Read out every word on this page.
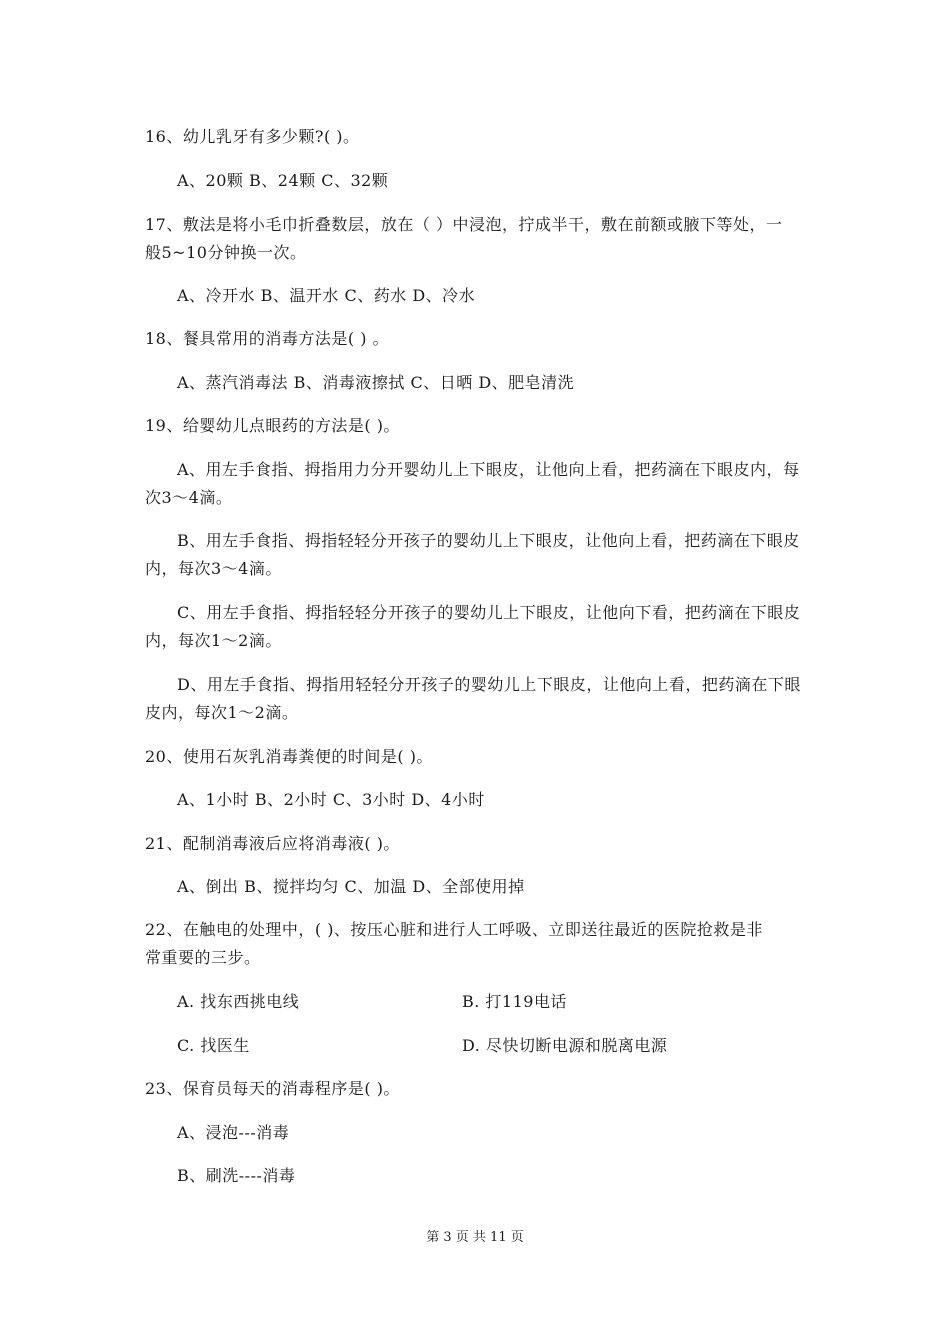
16、幼儿乳牙有多少颗?( )。
A、20颗 B、24颗 C、32颗
17、敷法是将小毛巾折叠数层，放在（ ）中浸泡，拧成半干，敷在前额或腋下等处，一
般5~10分钟换一次。
A、冷开水 B、温开水 C、药水 D、冷水
18、餐具常用的消毒方法是( ) 。
A、蒸汽消毒法 B、消毒液擦拭 C、日晒 D、肥皂清洗
19、给婴幼儿点眼药的方法是( )。
A、用左手食指、拇指用力分开婴幼儿上下眼皮，让他向上看，把药滴在下眼皮内，每
次3～4滴。
B、用左手食指、拇指轻轻分开孩子的婴幼儿上下眼皮，让他向上看，把药滴在下眼皮
内，每次3～4滴。
C、用左手食指、拇指轻轻分开孩子的婴幼儿上下眼皮，让他向下看，把药滴在下眼皮
内，每次1～2滴。
D、用左手食指、拇指用轻轻分开孩子的婴幼儿上下眼皮，让他向上看，把药滴在下眼
皮内，每次1～2滴。
20、使用石灰乳消毒粪便的时间是( )。
A、1小时 B、2小时 C、3小时 D、4小时
21、配制消毒液后应将消毒液( )。
A、倒出 B、搅拌均匀 C、加温 D、全部使用掉
22、在触电的处理中，( )、按压心脏和进行人工呼吸、立即送往最近的医院抢救是非
常重要的三步。
A. 找东西挑电线	B. 打119电话
C. 找医生	D. 尽快切断电源和脱离电源
23、保育员每天的消毒程序是( )。
A、浸泡---消毒
B、刷洗----消毒
第 3 页 共 11 页
